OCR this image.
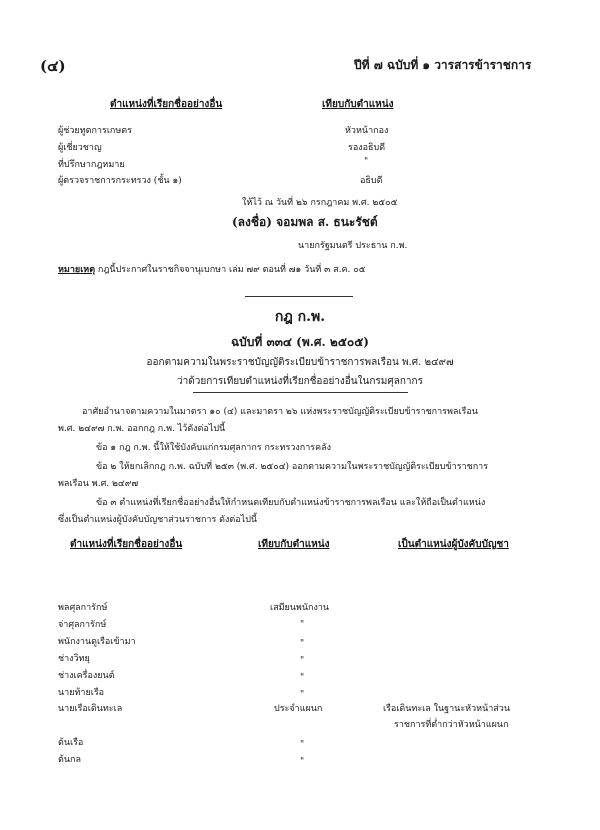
(๔)	ปีที่ ๗ ฉบับที่ ๑ วารสารข้าราชการ
ตำแหน่งที่เรียกชื่ออย่างอื่น	เทียบกับตำแหน่ง
ผู้ช่วยทูตการเกษตร	หัวหน้ากอง
ผู้เชี่ยวชาญ	รองอธิบดี
ที่ปรึกษากฎหมาย	"
ผู้ตรวจราชการกระทรวง (ชั้น ๑)	อธิบดี
ให้ไว้ ณ วันที่ ๒๖ กรกฎาคม พ.ศ. ๒๕๐๕
(ลงชื่อ) จอมพล ส. ธนะรัชต์
นายกรัฐมนตรี ประธาน ก.พ.
หมายเหตุ กฎนี้ประกาศในราชกิจจานุเบกษา เล่ม ๗๙ ตอนที่ ๗๑ วันที่ ๓ ส.ค. ๐๕
กฎ ก.พ.
ฉบับที่ ๓๓๔ (พ.ศ. ๒๕๐๕)
ออกตามความในพระราชบัญญัติระเบียบข้าราชการพลเรือน พ.ศ. ๒๔๙๗
ว่าด้วยการเทียบตำแหน่งที่เรียกชื่ออย่างอื่นในกรมศุลกากร
อาศัยอำนาจตามความในมาตรา ๑๐ (๔) และมาตรา ๒๖ แห่งพระราชบัญญัติระเบียบข้าราชการพลเรือน
พ.ศ. ๒๔๙๗ ก.พ. ออกกฎ ก.พ. ไว้ดังต่อไปนี้
ข้อ ๑ กฎ ก.พ. นี้ให้ใช้บังคับแก่กรมศุลกากร กระทรวงการคลัง
ข้อ ๒ ให้ยกเลิกกฎ ก.พ. ฉบับที่ ๒๕๓ (พ.ศ. ๒๕๐๔) ออกตามความในพระราชบัญญัติระเบียบข้าราชการ
พลเรือน พ.ศ. ๒๔๙๗
ข้อ ๓ ตำแหน่งที่เรียกชื่ออย่างอื่นให้กำหนดเทียบกับตำแหน่งข้าราชการพลเรือน และให้ถือเป็นตำแหน่ง
ซึ่งเป็นตำแหน่งผู้บังคับบัญชาส่วนราชการ ดังต่อไปนี้
ตำแหน่งที่เรียกชื่ออย่างอื่น	เทียบกับตำแหน่ง	เป็นตำแหน่งผู้บังคับบัญชา
พลศุลการักษ์	เสมียนพนักงาน
จ่าศุลการักษ์	"
พนักงานดูเรือเข้ามา	"
ช่างวิทยุ	"
ช่างเครื่องยนต์	"
นายท้ายเรือ	"
นายเรือเดินทะเล	ประจำแผนก	เรือเดินทะเล ในฐานะหัวหน้าส่วน
ราชการที่ต่ำกว่าหัวหน้าแผนก
ต้นเรือ	"
ต้นกล	"
